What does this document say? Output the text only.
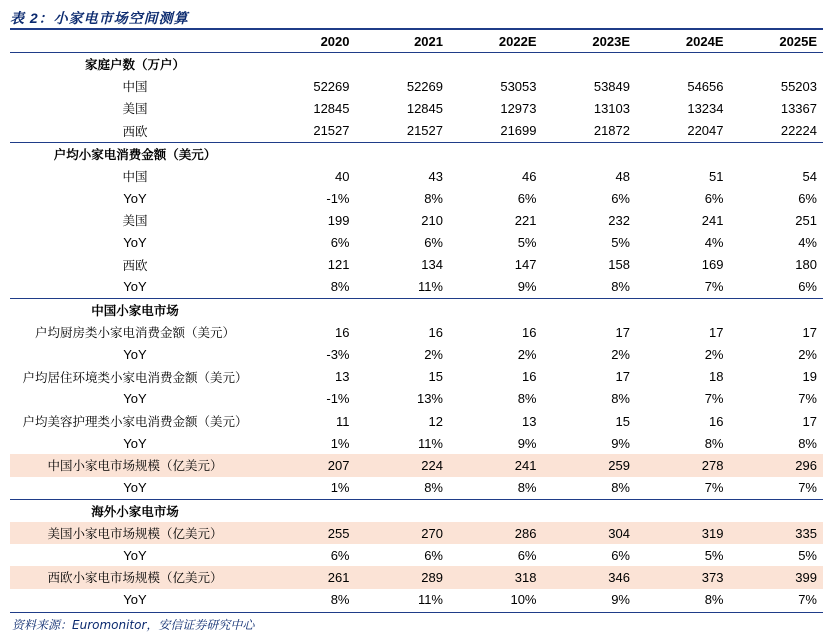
表 2：小家电市场空间测算
	2020	2021	2022E	2023E	2024E	2025E
家庭户数（万户）						
中国	52269	52269	53053	53849	54656	55203
美国	12845	12845	12973	13103	13234	13367
西欧	21527	21527	21699	21872	22047	22224
户均小家电消费金额（美元）						
中国	40	43	46	48	51	54
YoY	-1%	8%	6%	6%	6%	6%
美国	199	210	221	232	241	251
YoY	6%	6%	5%	5%	4%	4%
西欧	121	134	147	158	169	180
YoY	8%	11%	9%	8%	7%	6%
中国小家电市场						
户均厨房类小家电消费金额（美元）	16	16	16	17	17	17
YoY	-3%	2%	2%	2%	2%	2%
户均居住环境类小家电消费金额（美元）	13	15	16	17	18	19
YoY	-1%	13%	8%	8%	7%	7%
户均美容护理类小家电消费金额（美元）	11	12	13	15	16	17
YoY	1%	11%	9%	9%	8%	8%
中国小家电市场规模（亿美元）	207	224	241	259	278	296
YoY	1%	8%	8%	8%	7%	7%
海外小家电市场						
美国小家电市场规模（亿美元）	255	270	286	304	319	335
YoY	6%	6%	6%	6%	5%	5%
西欧小家电市场规模（亿美元）	261	289	318	346	373	399
YoY	8%	11%	10%	9%	8%	7%
资料来源：Euromonitor，安信证券研究中心
